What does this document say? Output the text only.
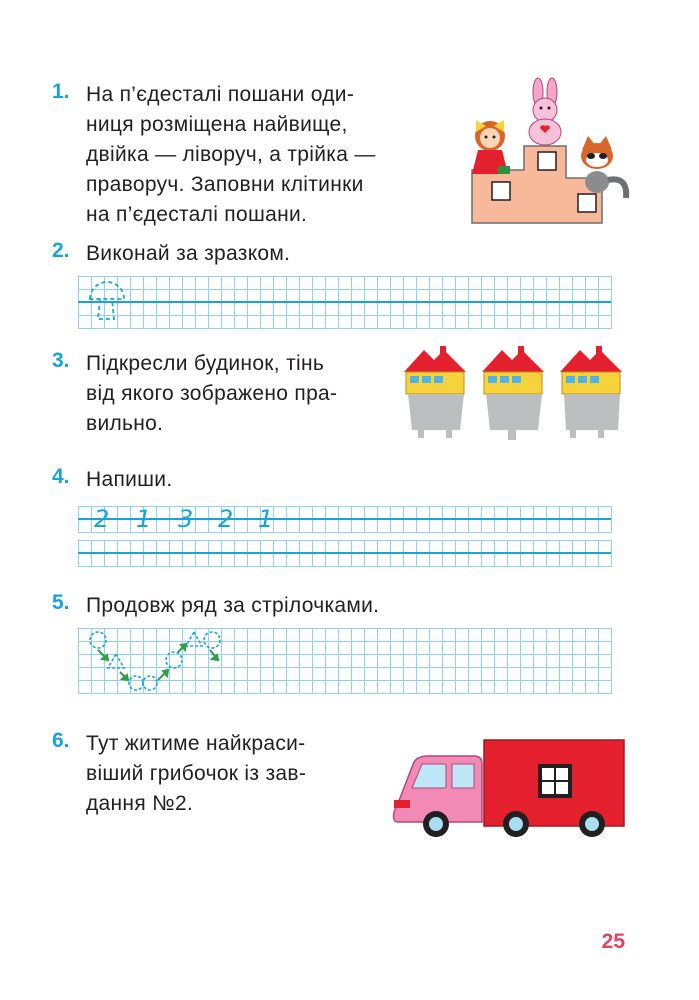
1. На п’єдесталі пошани оди-
ниця розміщена найвище,
двійка — ліворуч, а трійка —
праворуч. Заповни клітинки
на п’єдесталі пошани.
2. Виконай за зразком.
3. Підкресли будинок, тінь
від якого зображено пра-
вильно.
4. Напиши.
2 1 3 2 1
5. Продовж ряд за стрілочками.
6. Тут житиме найкраси-
віший грибочок із зав-
дання №2.
25
